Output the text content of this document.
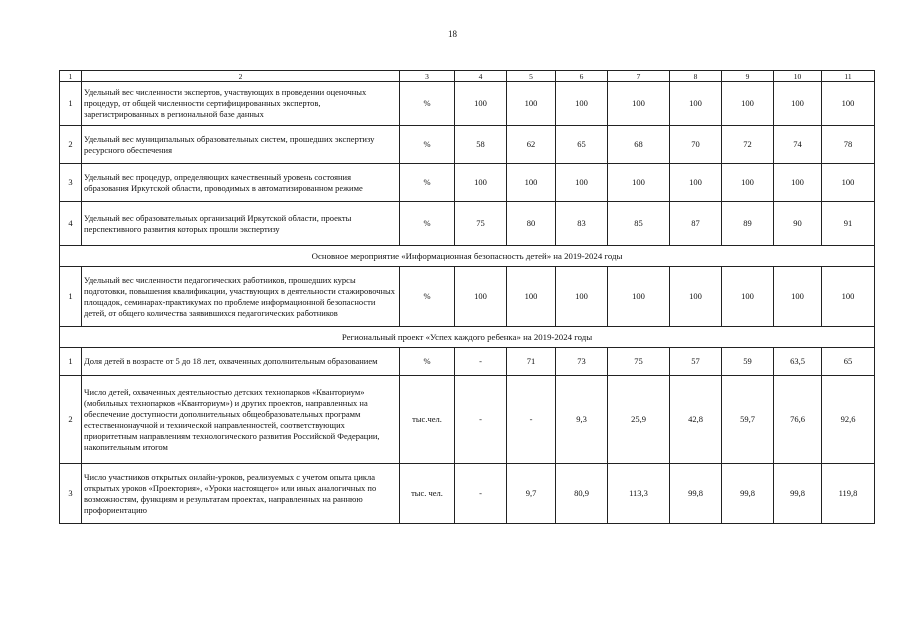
18
1	2	3	4	5	6	7	8	9	10	11
1	Удельный вес численности экспертов, участвующих в проведении оценочных процедур, от общей численности сертифицированных экспертов, зарегистрированных в региональной базе данных	%	100	100	100	100	100	100	100	100
2	Удельный вес муниципальных образовательных систем, прошедших экспертизу ресурсного обеспечения	%	58	62	65	68	70	72	74	78
3	Удельный вес процедур, определяющих качественный уровень состояния образования Иркутской области, проводимых в автоматизированном режиме	%	100	100	100	100	100	100	100	100
4	Удельный вес образовательных организаций Иркутской области, проекты перспективного развития которых прошли экспертизу	%	75	80	83	85	87	89	90	91
Основное мероприятие «Информационная безопасность детей» на 2019-2024 годы										
1	Удельный вес численности педагогических работников, прошедших курсы подготовки, повышения квалификации, участвующих в деятельности стажировочных площадок, семинарах-практикумах по проблеме информационной безопасности детей, от общего количества заявившихся педагогических работников	%	100	100	100	100	100	100	100	100
Региональный проект «Успех каждого ребенка» на 2019-2024 годы										
1	Доля детей в возрасте от 5 до 18 лет, охваченных дополнительным образованием	%	-	71	73	75	57	59	63,5	65
2	Число детей, охваченных деятельностью детских технопарков «Кванториум» (мобильных технопарков «Кванториум») и других проектов, направленных на обеспечение доступности дополнительных общеобразовательных программ естественнонаучной и технической направленностей, соответствующих приоритетным направлениям технологического развития Российской Федерации, накопительным итогом	тыс.чел.	-	-	9,3	25,9	42,8	59,7	76,6	92,6
3	Число участников открытых онлайн-уроков, реализуемых с учетом опыта цикла открытых уроков «Проектория», «Уроки настоящего» или иных аналогичных по возможностям, функциям и результатам проектах, направленных на раннюю профориентацию	тыс. чел.	-	9,7	80,9	113,3	99,8	99,8	99,8	119,8
